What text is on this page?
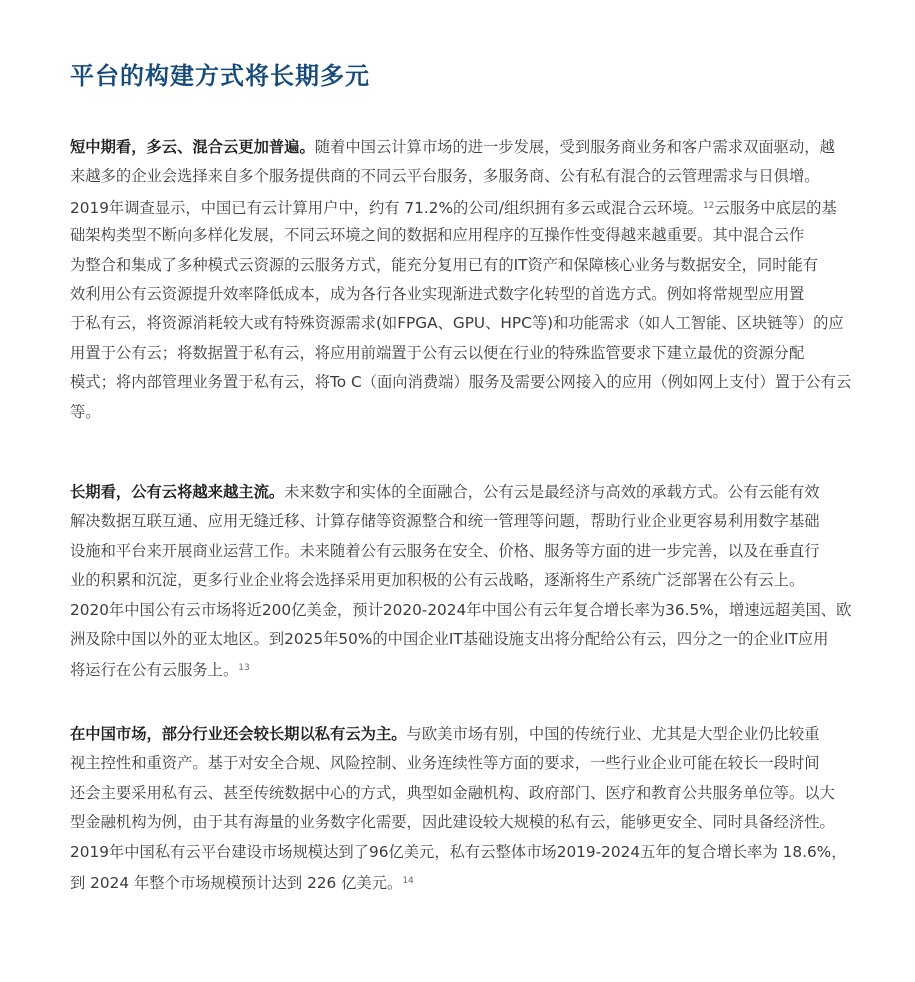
平台的构建方式将长期多元
短中期看，多云、混合云更加普遍。随着中国云计算市场的进一步发展，受到服务商业务和客户需求双面驱动，越
来越多的企业会选择来自多个服务提供商的不同云平台服务，多服务商、公有私有混合的云管理需求与日俱增。
2019年调查显示，中国已有云计算用户中，约有 71.2%的公司/组织拥有多云或混合云环境。$^{12}$云服务中底层的基
础架构类型不断向多样化发展，不同云环境之间的数据和应用程序的互操作性变得越来越重要。其中混合云作
为整合和集成了多种模式云资源的云服务方式，能充分复用已有的IT资产和保障核心业务与数据安全，同时能有
效利用公有云资源提升效率降低成本，成为各行各业实现渐进式数字化转型的首选方式。例如将常规型应用置
于私有云，将资源消耗较大或有特殊资源需求(如FPGA、GPU、HPC等)和功能需求（如人工智能、区块链等）的应
用置于公有云；将数据置于私有云，将应用前端置于公有云以便在行业的特殊监管要求下建立最优的资源分配
模式；将内部管理业务置于私有云，将To C（面向消费端）服务及需要公网接入的应用（例如网上支付）置于公有云
等。
长期看，公有云将越来越主流。未来数字和实体的全面融合，公有云是最经济与高效的承载方式。公有云能有效
解决数据互联互通、应用无缝迁移、计算存储等资源整合和统一管理等问题，帮助行业企业更容易利用数字基础
设施和平台来开展商业运营工作。未来随着公有云服务在安全、价格、服务等方面的进一步完善，以及在垂直行
业的积累和沉淀，更多行业企业将会选择采用更加积极的公有云战略，逐渐将生产系统广泛部署在公有云上。
2020年中国公有云市场将近200亿美金，预计2020-2024年中国公有云年复合增长率为36.5%，增速远超美国、欧
洲及除中国以外的亚太地区。到2025年50%的中国企业IT基础设施支出将分配给公有云，四分之一的企业IT应用
将运行在公有云服务上。$^{13}$
在中国市场，部分行业还会较长期以私有云为主。与欧美市场有别，中国的传统行业、尤其是大型企业仍比较重
视主控性和重资产。基于对安全合规、风险控制、业务连续性等方面的要求，一些行业企业可能在较长一段时间
还会主要采用私有云、甚至传统数据中心的方式，典型如金融机构、政府部门、医疗和教育公共服务单位等。以大
型金融机构为例，由于其有海量的业务数字化需要，因此建设较大规模的私有云，能够更安全、同时具备经济性。
2019年中国私有云平台建设市场规模达到了96亿美元，私有云整体市场2019-2024五年的复合增长率为 18.6%，
到 2024 年整个市场规模预计达到 226 亿美元。$^{14}$
